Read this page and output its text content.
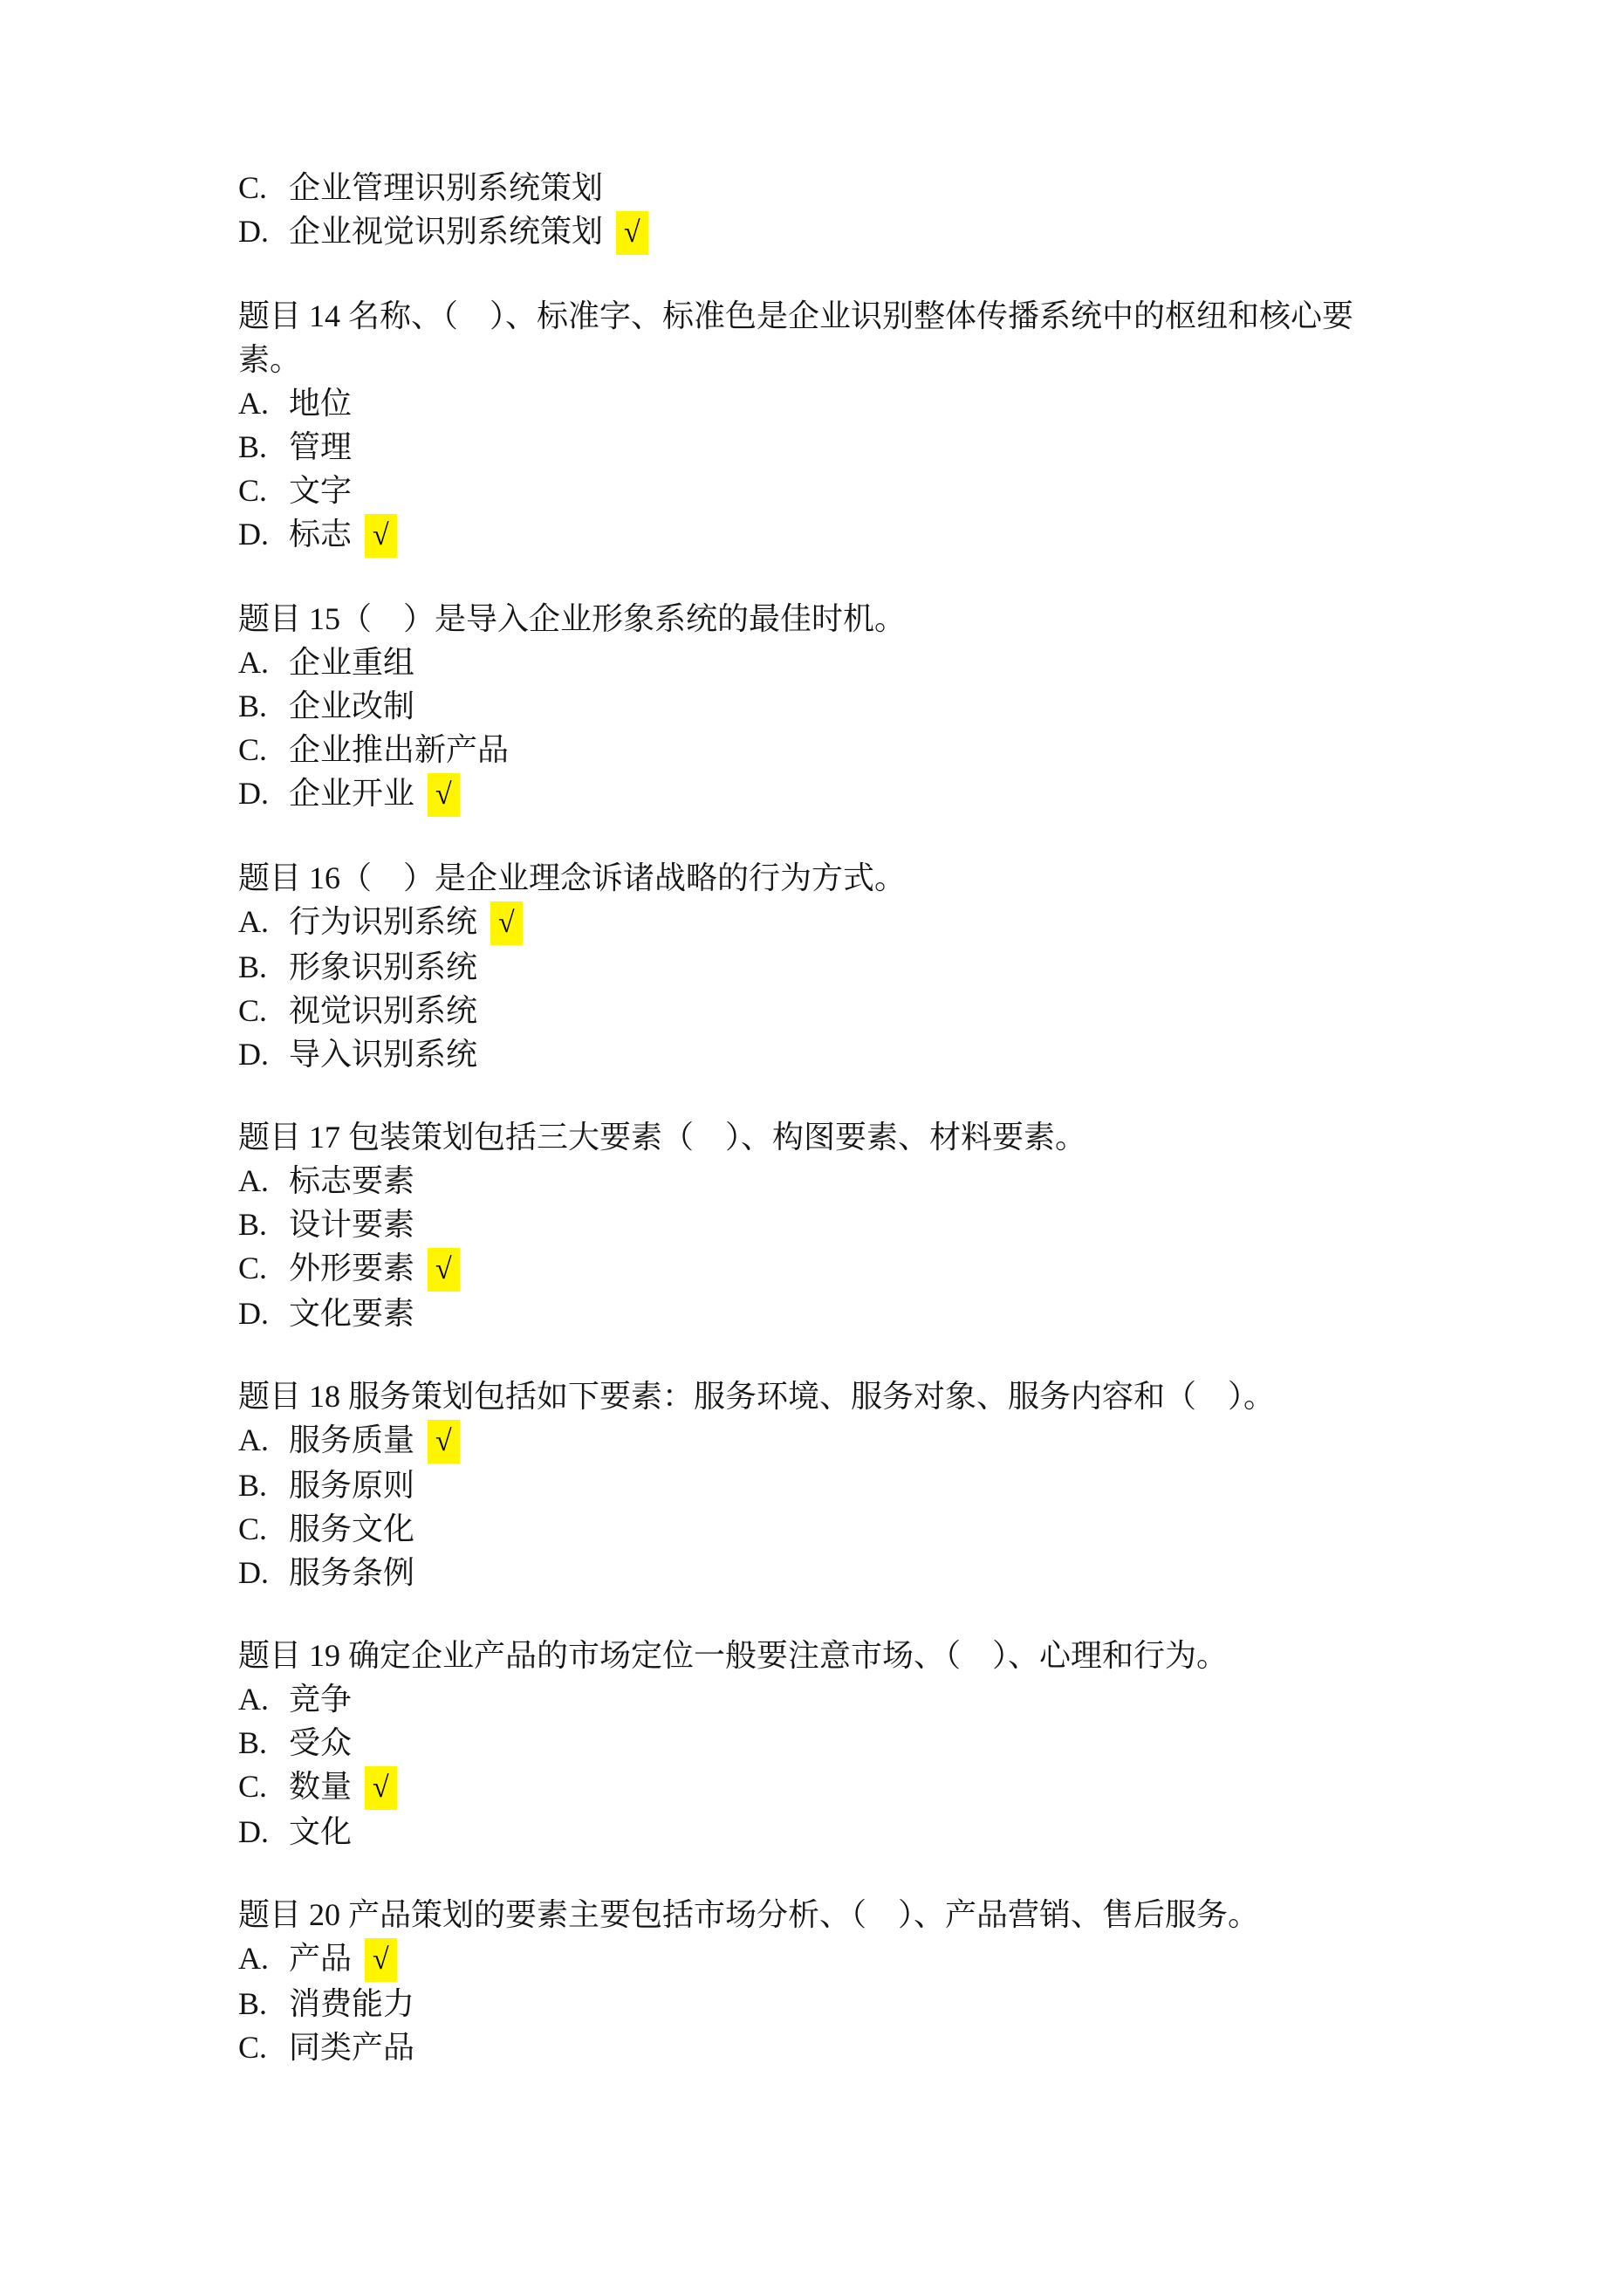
C. 企业管理识别系统策划
D. 企业视觉识别系统策划 √
题目 14 名称、（　）、标准字、标准色是企业识别整体传播系统中的枢纽和核心要素。
A. 地位
B. 管理
C. 文字
D. 标志 √
题目 15（　）是导入企业形象系统的最佳时机。
A. 企业重组
B. 企业改制
C. 企业推出新产品
D. 企业开业 √
题目 16（　）是企业理念诉诸战略的行为方式。
A. 行为识别系统 √
B. 形象识别系统
C. 视觉识别系统
D. 导入识别系统
题目 17 包装策划包括三大要素（　）、构图要素、材料要素。
A. 标志要素
B. 设计要素
C. 外形要素 √
D. 文化要素
题目 18 服务策划包括如下要素：服务环境、服务对象、服务内容和（　）。
A. 服务质量 √
B. 服务原则
C. 服务文化
D. 服务条例
题目 19 确定企业产品的市场定位一般要注意市场、（　）、心理和行为。
A. 竞争
B. 受众
C. 数量 √
D. 文化
题目 20 产品策划的要素主要包括市场分析、（　）、产品营销、售后服务。
A. 产品 √
B. 消费能力
C. 同类产品
